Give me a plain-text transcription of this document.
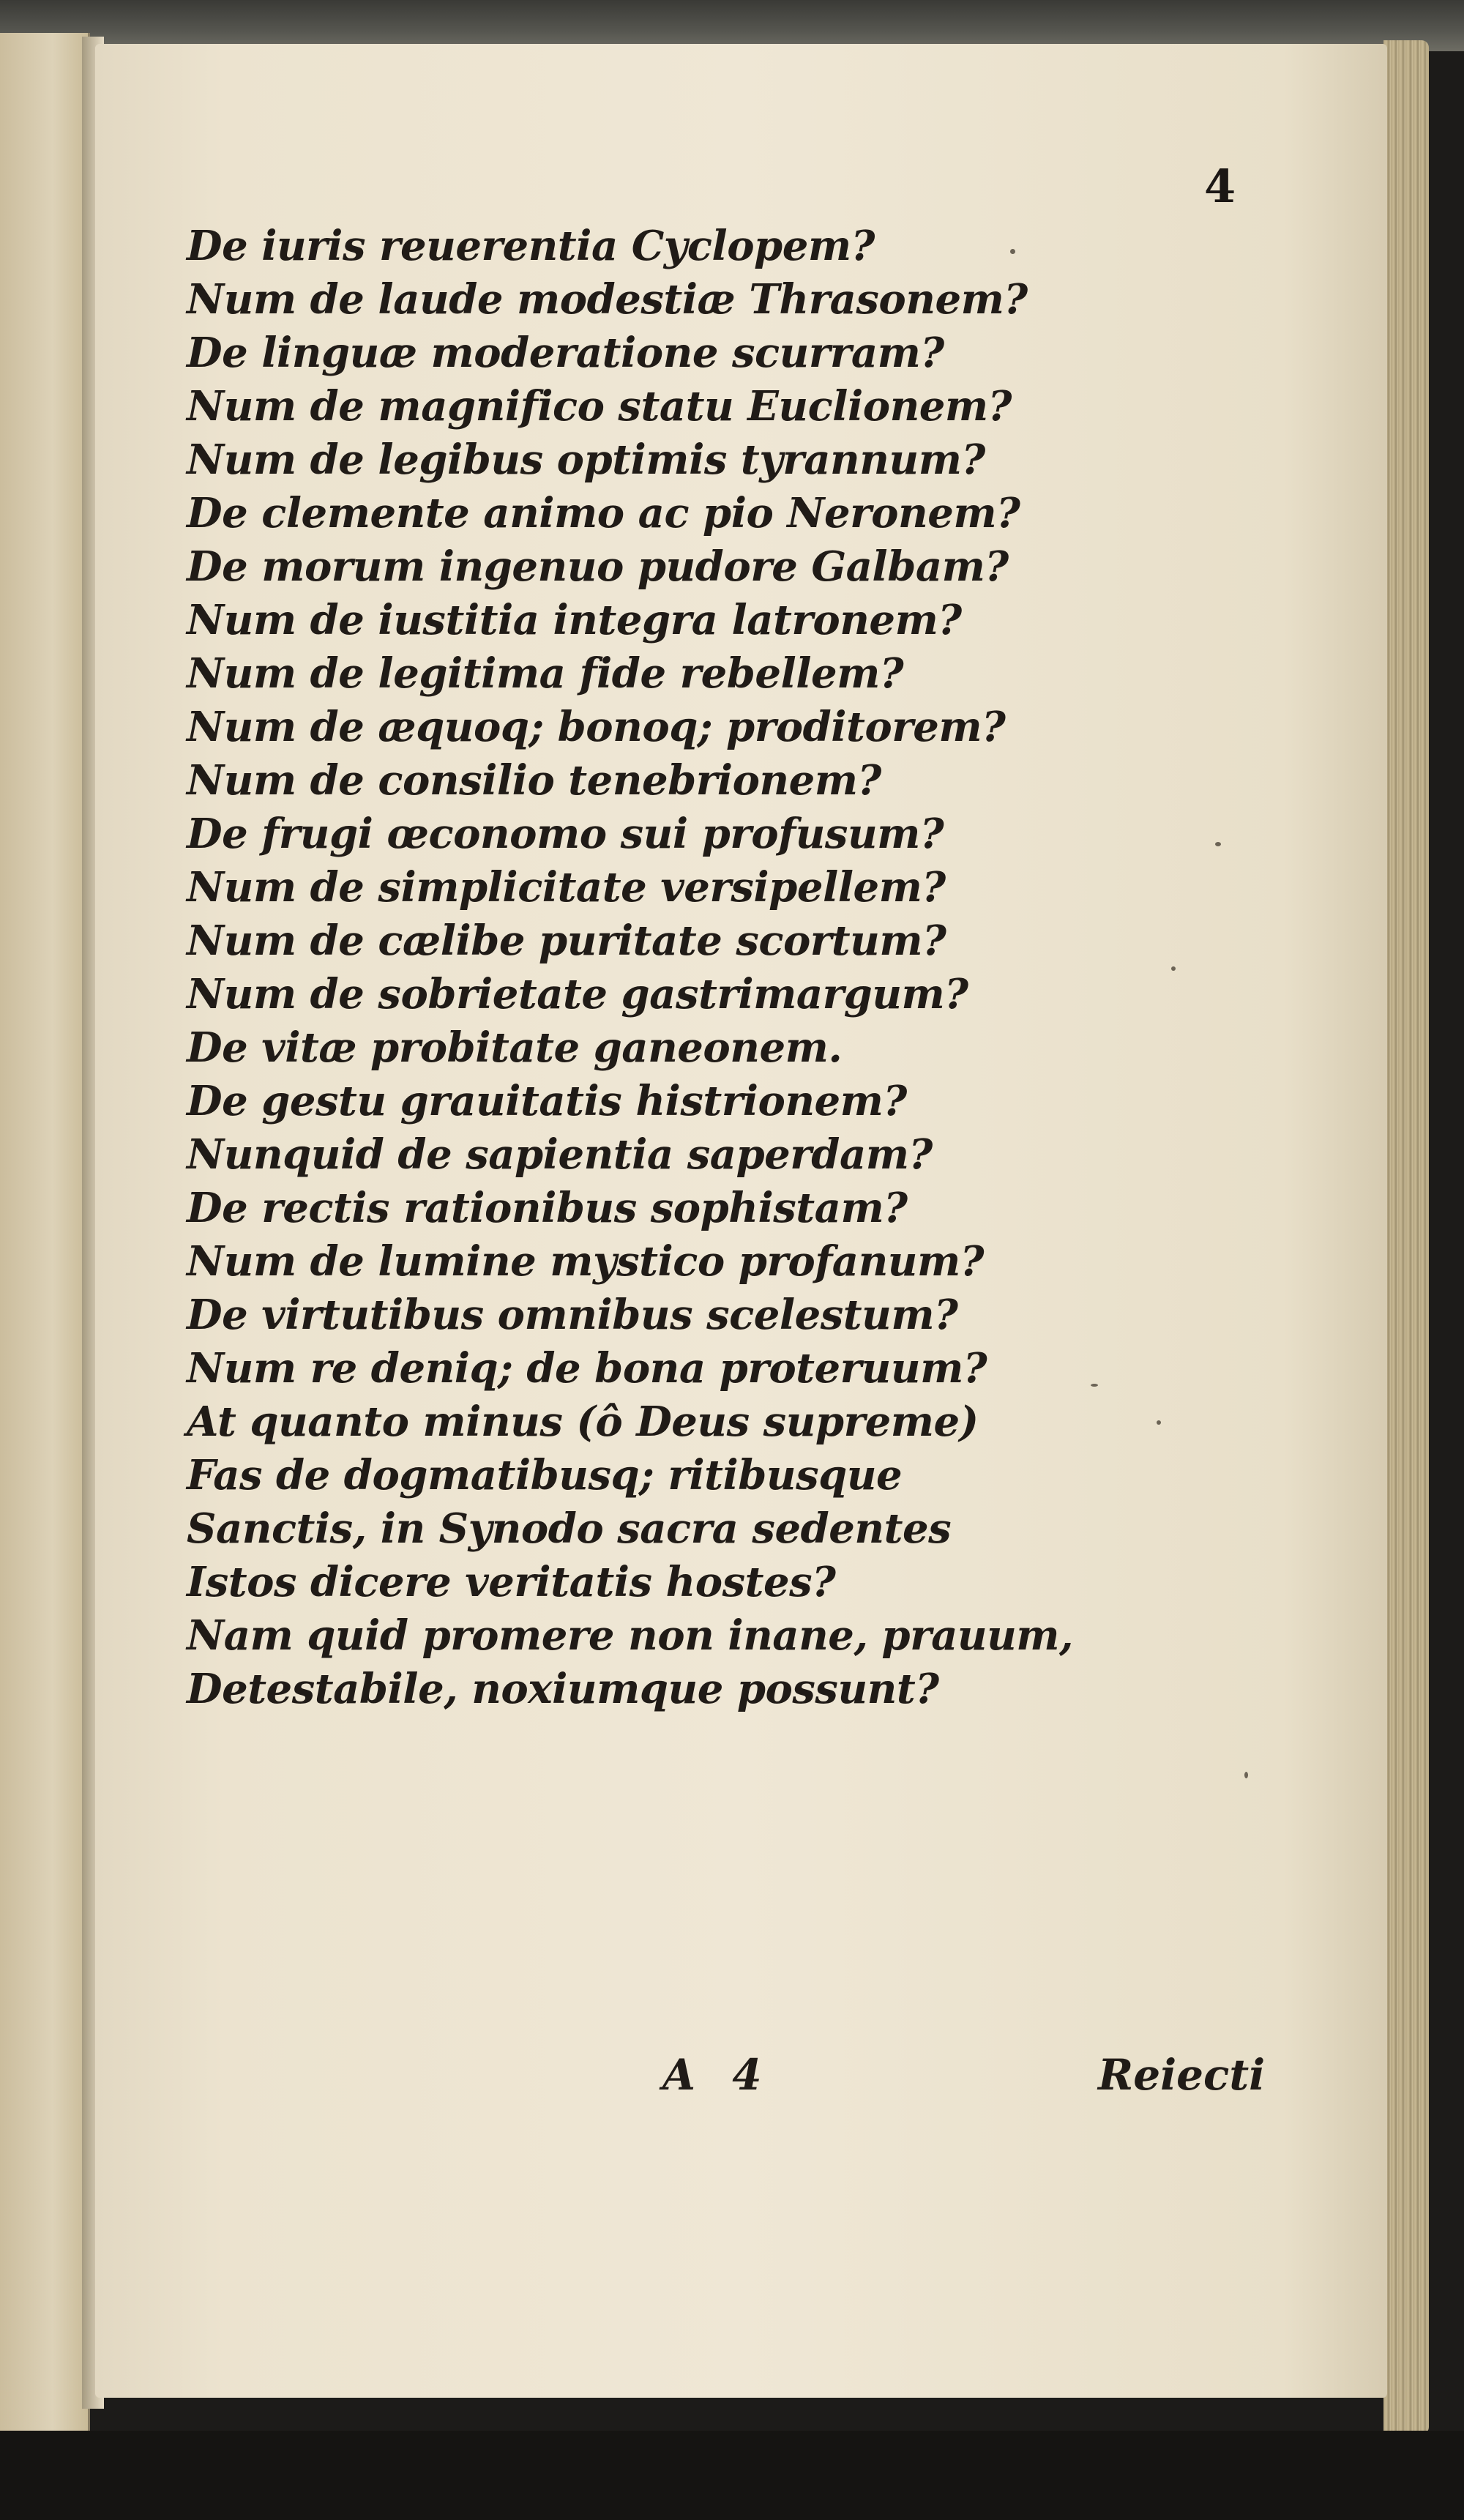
4
De iuris reuerentia Cyclopem?
Num de laude modestiæ Thrasonem?
De linguæ moderatione scurram?
Num de magnifico statu Euclionem?
Num de legibus optimis tyrannum?
De clemente animo ac pio Neronem?
De morum ingenuo pudore Galbam?
Num de iustitia integra latronem?
Num de legitima fide rebellem?
Num de æquoq; bonoq; proditorem?
Num de consilio tenebrionem?
De frugi œconomo sui profusum?
Num de simplicitate versipellem?
Num de cælibe puritate scortum?
Num de sobrietate gastrimargum?
De vitæ probitate ganeonem.
De gestu grauitatis histrionem?
Nunquid de sapientia saperdam?
De rectis rationibus sophistam?
Num de lumine mystico profanum?
De virtutibus omnibus scelestum?
Num re deniq; de bona proteruum?
At quanto minus (ô Deus supreme)
Fas de dogmatibusq; ritibusque
Sanctis, in Synodo sacra sedentes
Istos dicere veritatis hostes?
Nam quid promere non inane, prauum,
Detestabile, noxiumque possunt?
A 4	Reiecti
